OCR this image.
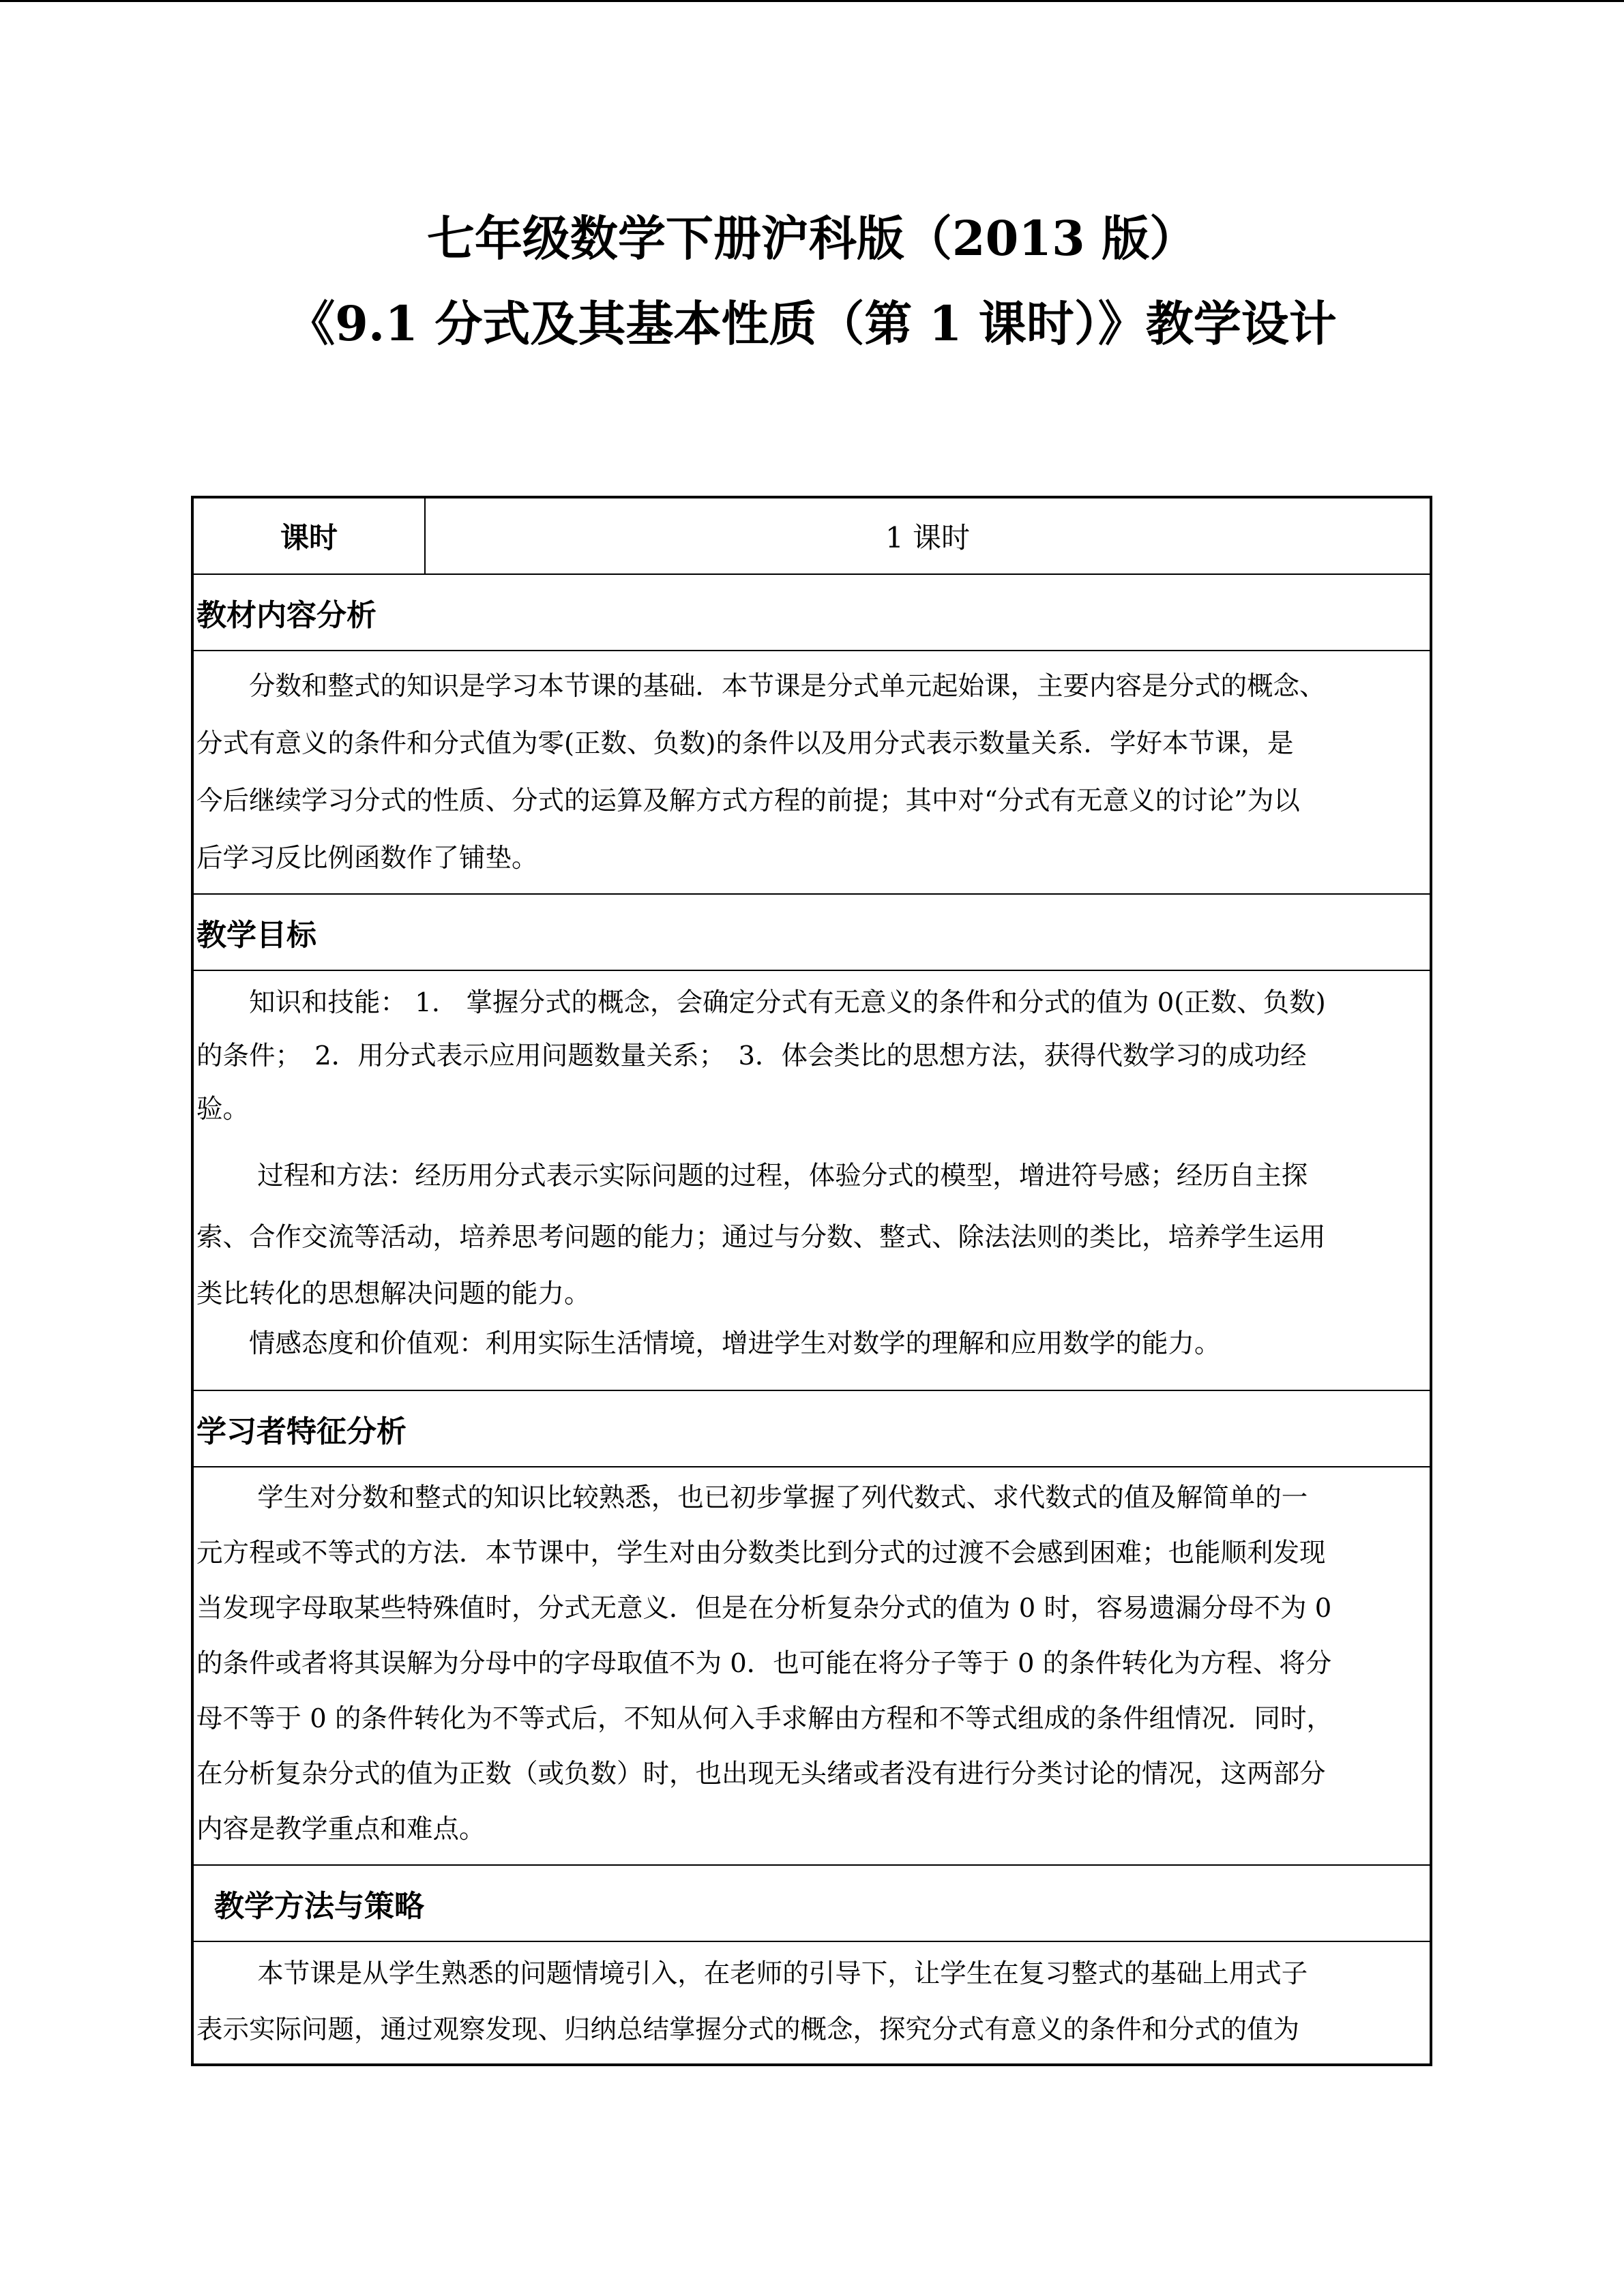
七年级数学下册沪科版（2013 版）
《9.1 分式及其基本性质（第 1 课时）》教学设计
课时	1 课时
教材内容分析
　　分数和整式的知识是学习本节课的基础．本节课是分式单元起始课，主要内容是分式的概念、
分式有意义的条件和分式值为零(正数、负数)的条件以及用分式表示数量关系．学好本节课，是
今后继续学习分式的性质、分式的运算及解方式方程的前提；其中对“分式有无意义的讨论”为以
后学习反比例函数作了铺垫。
教学目标
　　知识和技能： 1.　掌握分式的概念，会确定分式有无意义的条件和分式的值为 0(正数、负数)
的条件；　2．用分式表示应用问题数量关系；　3．体会类比的思想方法，获得代数学习的成功经
验。
　　 过程和方法：经历用分式表示实际问题的过程，体验分式的模型，增进符号感；经历自主探
索、合作交流等活动，培养思考问题的能力；通过与分数、整式、除法法则的类比，培养学生运用
类比转化的思想解决问题的能力。
　　情感态度和价值观：利用实际生活情境，增进学生对数学的理解和应用数学的能力。
学习者特征分析
　　 学生对分数和整式的知识比较熟悉，也已初步掌握了列代数式、求代数式的值及解简单的一
元方程或不等式的方法．本节课中，学生对由分数类比到分式的过渡不会感到困难；也能顺利发现
当发现字母取某些特殊值时，分式无意义．但是在分析复杂分式的值为 0 时，容易遗漏分母不为 0
的条件或者将其误解为分母中的字母取值不为 0．也可能在将分子等于 0 的条件转化为方程、将分
母不等于 0 的条件转化为不等式后，不知从何入手求解由方程和不等式组成的条件组情况．同时，
在分析复杂分式的值为正数（或负数）时，也出现无头绪或者没有进行分类讨论的情况，这两部分
内容是教学重点和难点。
教学方法与策略
　　 本节课是从学生熟悉的问题情境引入，在老师的引导下，让学生在复习整式的基础上用式子
表示实际问题，通过观察发现、归纳总结掌握分式的概念，探究分式有意义的条件和分式的值为
